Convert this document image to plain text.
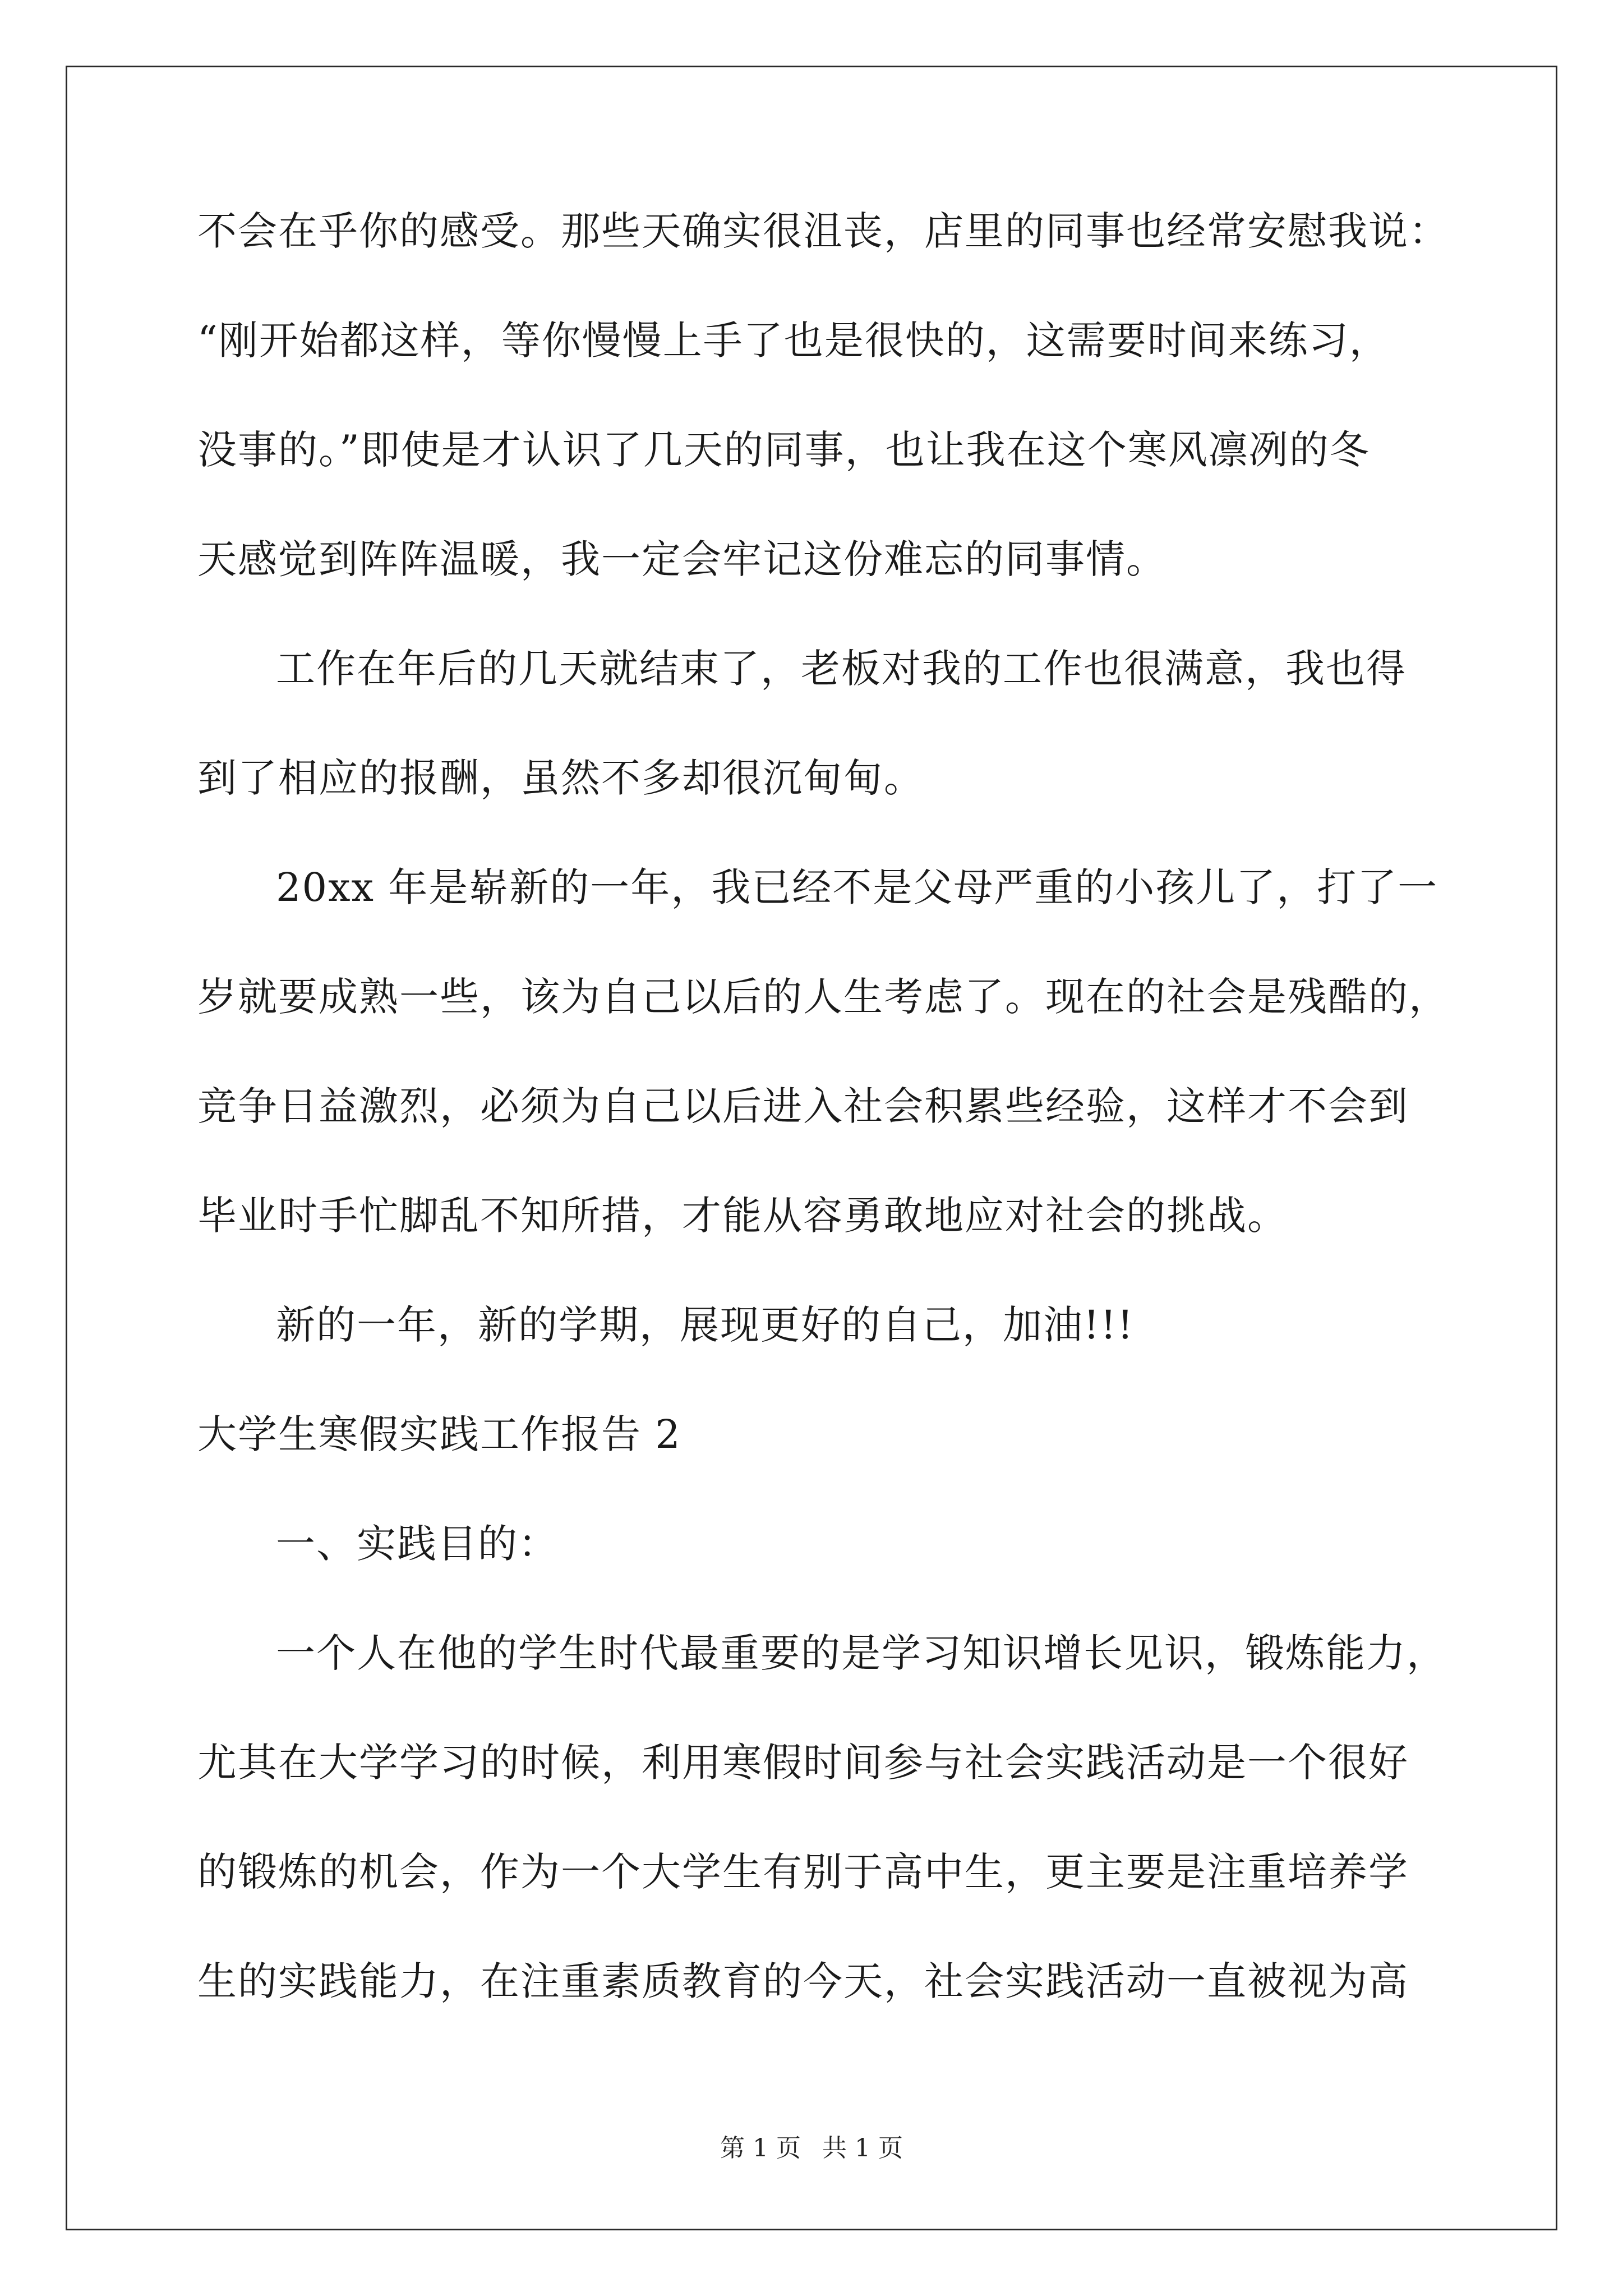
不会在乎你的感受。那些天确实很沮丧，店里的同事也经常安慰我说：
“刚开始都这样，等你慢慢上手了也是很快的，这需要时间来练习，
没事的。”即使是才认识了几天的同事，也让我在这个寒风凛冽的冬
天感觉到阵阵温暖，我一定会牢记这份难忘的同事情。
工作在年后的几天就结束了，老板对我的工作也很满意，我也得
到了相应的报酬，虽然不多却很沉甸甸。
20xx 年是崭新的一年，我已经不是父母严重的小孩儿了，打了一
岁就要成熟一些，该为自己以后的人生考虑了。现在的社会是残酷的，
竞争日益激烈，必须为自己以后进入社会积累些经验，这样才不会到
毕业时手忙脚乱不知所措，才能从容勇敢地应对社会的挑战。
新的一年，新的学期，展现更好的自己，加油!!!
大学生寒假实践工作报告 2
一、实践目的：
一个人在他的学生时代最重要的是学习知识增长见识，锻炼能力，
尤其在大学学习的时候，利用寒假时间参与社会实践活动是一个很好
的锻炼的机会，作为一个大学生有别于高中生，更主要是注重培养学
生的实践能力，在注重素质教育的今天，社会实践活动一直被视为高
第 1 页 共 1 页
